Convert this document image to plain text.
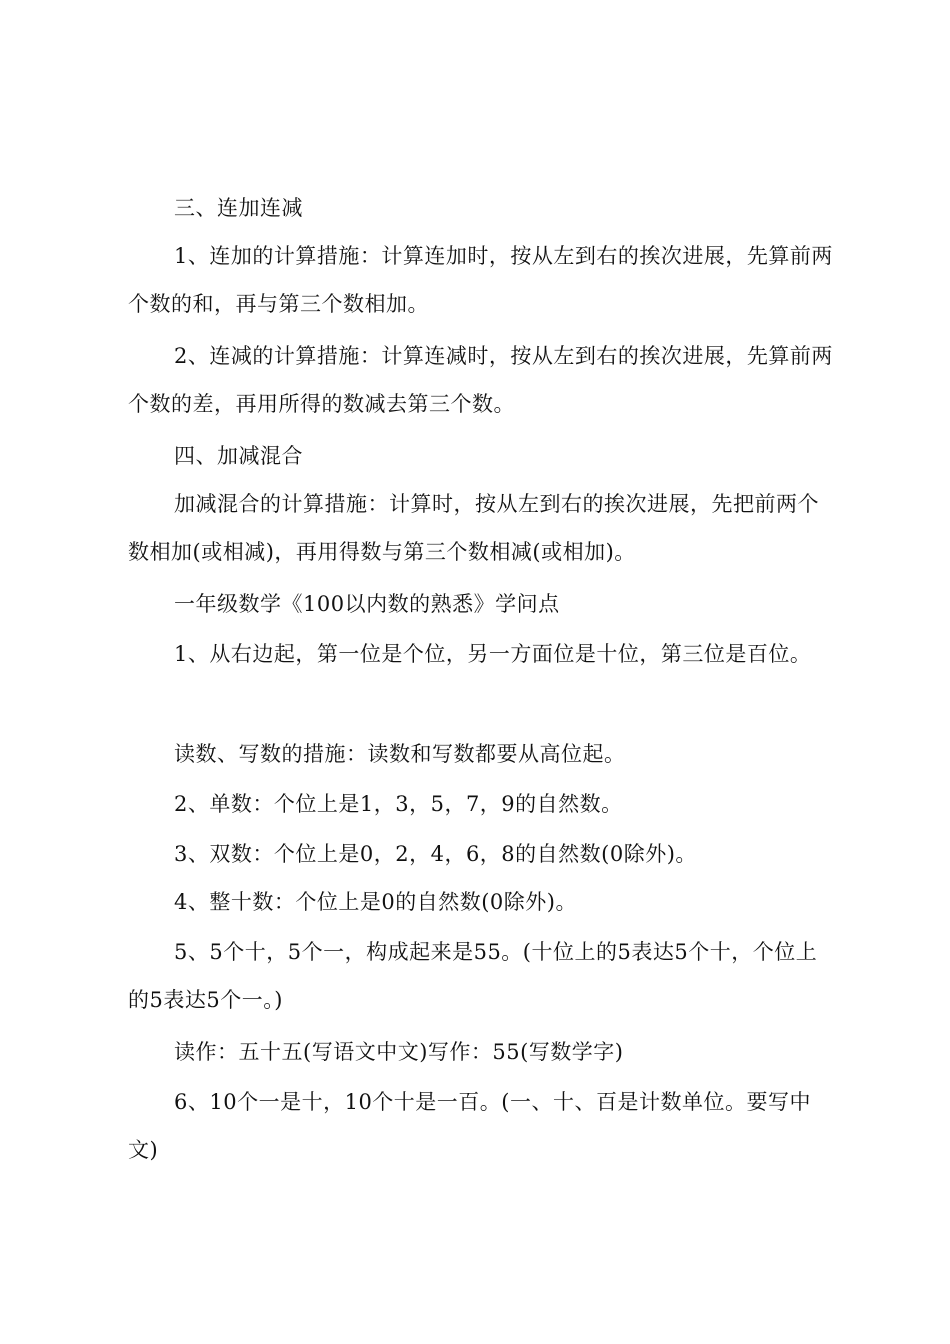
三、连加连减
1、连加的计算措施：计算连加时，按从左到右的挨次进展，先算前两个数的和，再与第三个数相加。
2、连减的计算措施：计算连减时，按从左到右的挨次进展，先算前两个数的差，再用所得的数减去第三个数。
四、加减混合
加减混合的计算措施：计算时，按从左到右的挨次进展，先把前两个数相加(或相减)，再用得数与第三个数相减(或相加)。
一年级数学《100以内数的熟悉》学问点
1、从右边起，第一位是个位，另一方面位是十位，第三位是百位。
读数、写数的措施：读数和写数都要从高位起。
2、单数：个位上是1，3，5，7，9的自然数。
3、双数：个位上是0，2，4，6，8的自然数(0除外)。
4、整十数：个位上是0的自然数(0除外)。
5、5个十，5个一，构成起来是55。(十位上的5表达5个十，个位上的5表达5个一。)
读作：五十五(写语文中文)写作：55(写数学字)
6、10个一是十，10个十是一百。(一、十、百是计数单位。要写中文)
